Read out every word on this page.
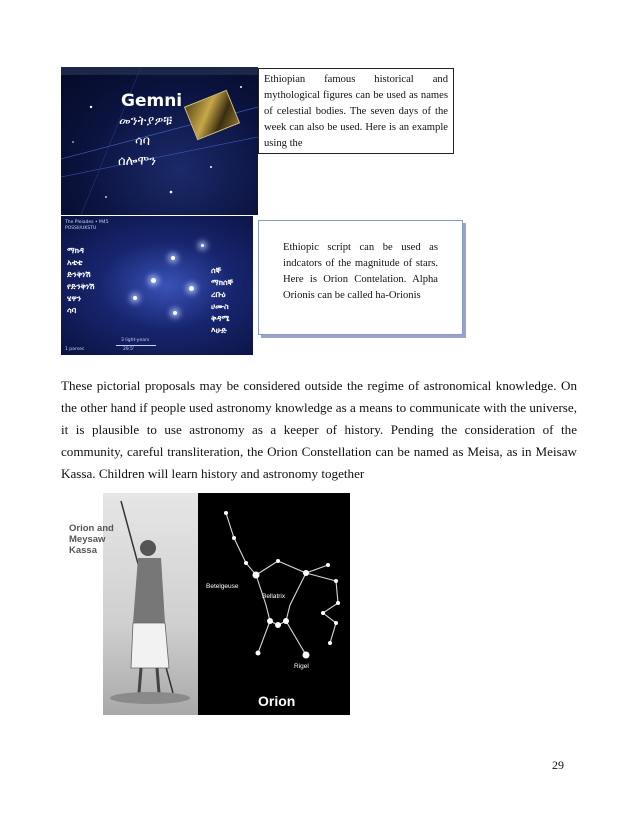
Gemni
መንትያዎቹ
ሳባ
ሰሎሞን
Ethiopian famous historical and mythological figures can be used as names of celestial bodies. The seven days of the week can also be used. Here is an example using the
The Pleiades • M45
POSSII/UKSTU
ማክዳ
አቲቲ
ድንቅነሽ
የድንቅነሽ
ሄዋን
ሳባ
ሰኞ
ማክሰኞ
ረቡዕ
ሀሙስ
ቅዳሜ
እሁድ
3 light-years
1 parsec	29.5'
Ethiopic script can be used as indcators of the magnitude of stars. Here is Orion Contelation. Alpha Orionis can be called ha-Orionis

These pictorial proposals may be considered outside the regime of astronomical knowledge. On the other hand if people used astronomy knowledge as a means to communicate with the universe, it is plausible to use astronomy as a keeper of history. Pending the consideration of the community, careful transliteration, the Orion Constellation can be named as Meisa, as in Meisaw Kassa. Children will learn history and astronomy together

Betelgeuse
Bellatrix
Rigel
Orion
Orion and
Meysaw
Kassa
29
